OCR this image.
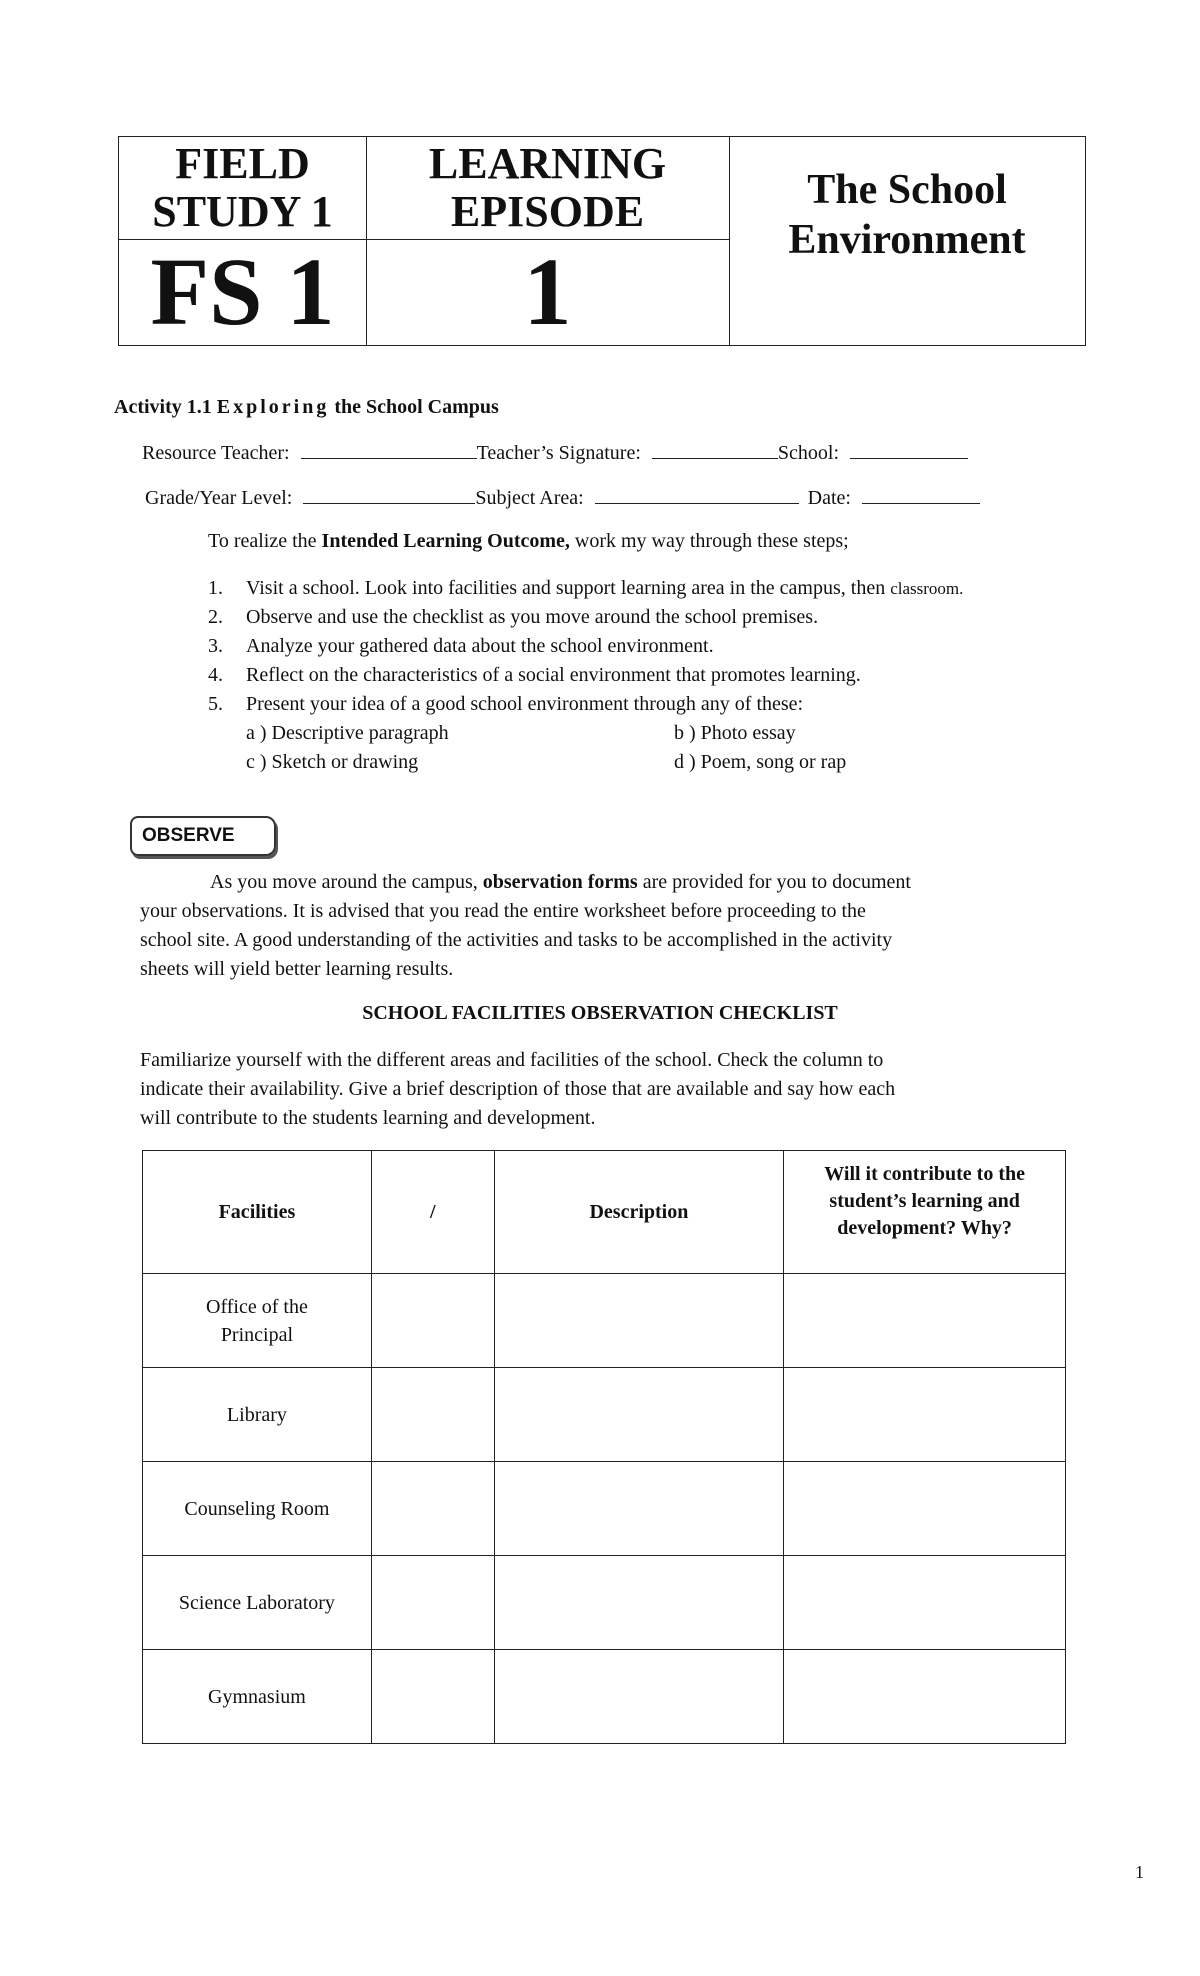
FIELD STUDY 1
LEARNING EPISODE
FS 1	1
The School Environment
Activity 1.1 Exploring the School Campus
Resource Teacher:	Teacher’s Signature:	School:
Grade/Year Level:	Subject Area:	Date:
To realize the Intended Learning Outcome, work my way through these steps;
1. Visit a school. Look into facilities and support learning area in the campus, then classroom.
2. Observe and use the checklist as you move around the school premises.
3. Analyze your gathered data about the school environment.
4. Reflect on the characteristics of a social environment that promotes learning.
5. Present your idea of a good school environment through any of these:
a ) Descriptive paragraph	b ) Photo essay
c ) Sketch or drawing	d ) Poem, song or rap
OBSERVE

As you move around the campus, observation forms are provided for you to document

your observations. It is advised that you read the entire worksheet before proceeding to the

school site. A good understanding of the activities and tasks to be accomplished in the activity

sheets will yield better learning results.

SCHOOL FACILITIES OBSERVATION CHECKLIST

Familiarize yourself with the different areas and facilities of the school. Check the column to

indicate their availability. Give a brief description of those that are available and say how each

will contribute to the students learning and development.

Facilities	/	Description	Will it contribute to the student’s learning and development? Why?

Office of the Principal			

Library			
Counseling Room			
Science Laboratory			
Gymnasium			
1
